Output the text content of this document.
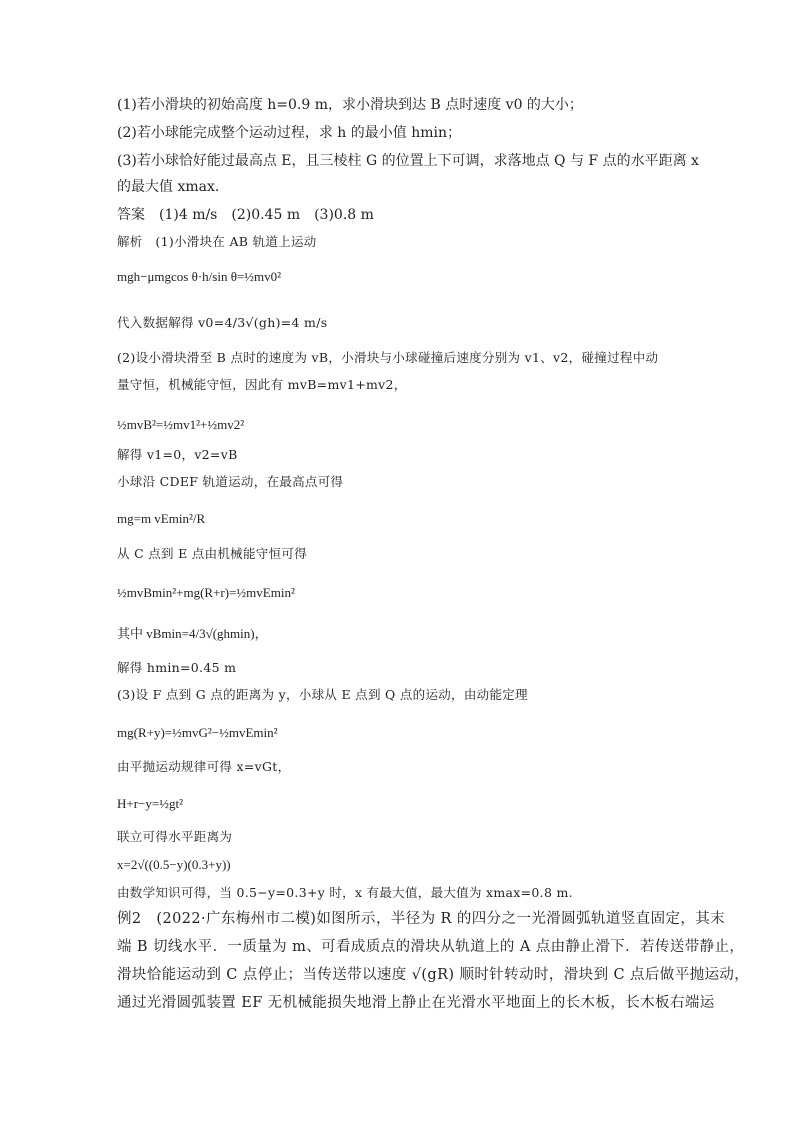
(1)若小滑块的初始高度 h=0.9 m，求小滑块到达 B 点时速度 v0 的大小；
(2)若小球能完成整个运动过程，求 h 的最小值 hmin；
(3)若小球恰好能过最高点 E，且三棱柱 G 的位置上下可调，求落地点 Q 与 F 点的水平距离 x
的最大值 xmax.
答案　(1)4 m/s　(2)0.45 m　(3)0.8 m
解析　(1)小滑块在 AB 轨道上运动
mgh−μmgcos θ·h/sin θ=½mv0²
代入数据解得 v0=4/3√(gh)=4 m/s
(2)设小滑块滑至 B 点时的速度为 vB，小滑块与小球碰撞后速度分别为 v1、v2，碰撞过程中动
量守恒，机械能守恒，因此有 mvB=mv1+mv2，
½mvB²=½mv1²+½mv2²
解得 v1=0，v2=vB
小球沿 CDEF 轨道运动，在最高点可得
mg=m vEmin²/R
从 C 点到 E 点由机械能守恒可得
½mvBmin²+mg(R+r)=½mvEmin²
其中 vBmin=4/3√(ghmin)，
解得 hmin=0.45 m
(3)设 F 点到 G 点的距离为 y，小球从 E 点到 Q 点的运动，由动能定理
mg(R+y)=½mvG²−½mvEmin²
由平抛运动规律可得 x=vGt，
H+r−y=½gt²
联立可得水平距离为
x=2√((0.5−y)(0.3+y))
由数学知识可得，当 0.5−y=0.3+y 时，x 有最大值，最大值为 xmax=0.8 m.
例2　(2022·广东梅州市二模)如图所示，半径为 R 的四分之一光滑圆弧轨道竖直固定，其末
端 B 切线水平．一质量为 m、可看成质点的滑块从轨道上的 A 点由静止滑下．若传送带静止，
滑块恰能运动到 C 点停止；当传送带以速度 √(gR) 顺时针转动时，滑块到 C 点后做平抛运动，
通过光滑圆弧装置 EF 无机械能损失地滑上静止在光滑水平地面上的长木板，长木板右端运
